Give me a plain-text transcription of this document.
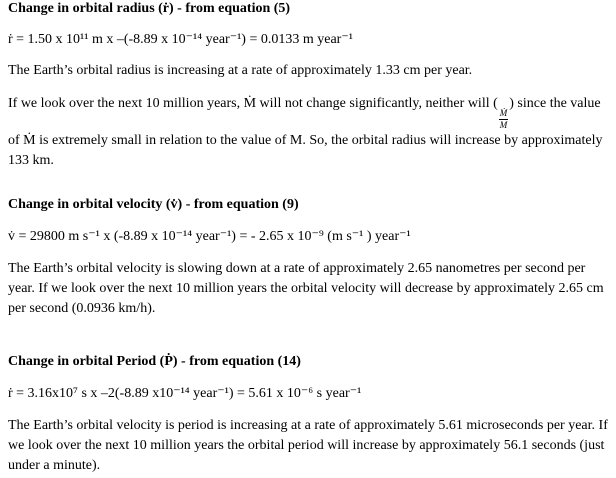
Change in orbital radius (ṙ) - from equation (5)
ṙ = 1.50 x 10¹¹ m x –(-8.89 x 10⁻¹⁴ year⁻¹) = 0.0133 m year⁻¹
The Earth’s orbital radius is increasing at a rate of approximately 1.33 cm per year.
If we look over the next 10 million years, Ṁ will not change significantly, neither will (
$\frac{\text{Ṁ}}{M}$
) since the value of Ṁ is extremely small in relation to the value of M. So, the orbital radius will increase by approximately 133 km.
Change in orbital velocity (v̇) - from equation (9)
v̇ = 29800 m s⁻¹ x (-8.89 x 10⁻¹⁴ year⁻¹) = - 2.65 x 10⁻⁹ (m s⁻¹ ) year⁻¹
The Earth’s orbital velocity is slowing down at a rate of approximately 2.65 nanometres per second per year. If we look over the next 10 million years the orbital velocity will decrease by approximately 2.65 cm per second (0.0936 km/h).
Change in orbital Period (Ṗ) - from equation (14)
ṙ = 3.16x10⁷ s x –2(-8.89 x10⁻¹⁴ year⁻¹) = 5.61 x 10⁻⁶ s year⁻¹
The Earth’s orbital velocity is period is increasing at a rate of approximately 5.61 microseconds per year. If we look over the next 10 million years the orbital period will increase by approximately 56.1 seconds (just under a minute).
